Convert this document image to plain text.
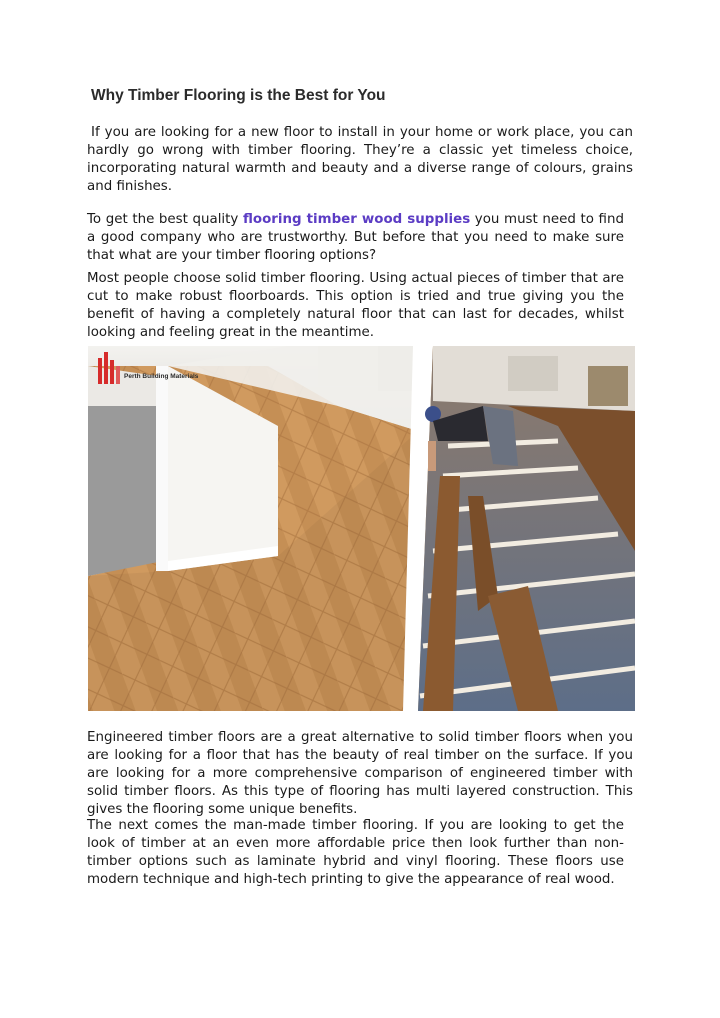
Why Timber Flooring is the Best for You
If you are looking for a new floor to install in your home or work place, you can hardly go wrong with timber flooring. They’re a classic yet timeless choice, incorporating natural warmth and beauty and a diverse range of colours, grains and finishes.
To get the best quality flooring timber wood supplies you must need to find a good company who are trustworthy. But before that you need to make sure that what are your timber flooring options?
Most people choose solid timber flooring. Using actual pieces of timber that are cut to make robust floorboards. This option is tried and true giving you the benefit of having a completely natural floor that can last for decades, whilst looking and feeling great in the meantime.
Perth Building Materials
Engineered timber floors are a great alternative to solid timber floors when you are looking for a floor that has the beauty of real timber on the surface. If you are looking for a more comprehensive comparison of engineered timber with solid timber floors. As this type of flooring has multi layered construction. This gives the flooring some unique benefits.
The next comes the man-made timber flooring. If you are looking to get the look of timber at an even more affordable price then look further than non-timber options such as laminate hybrid and vinyl flooring. These floors use modern technique and high-tech printing to give the appearance of real wood.
